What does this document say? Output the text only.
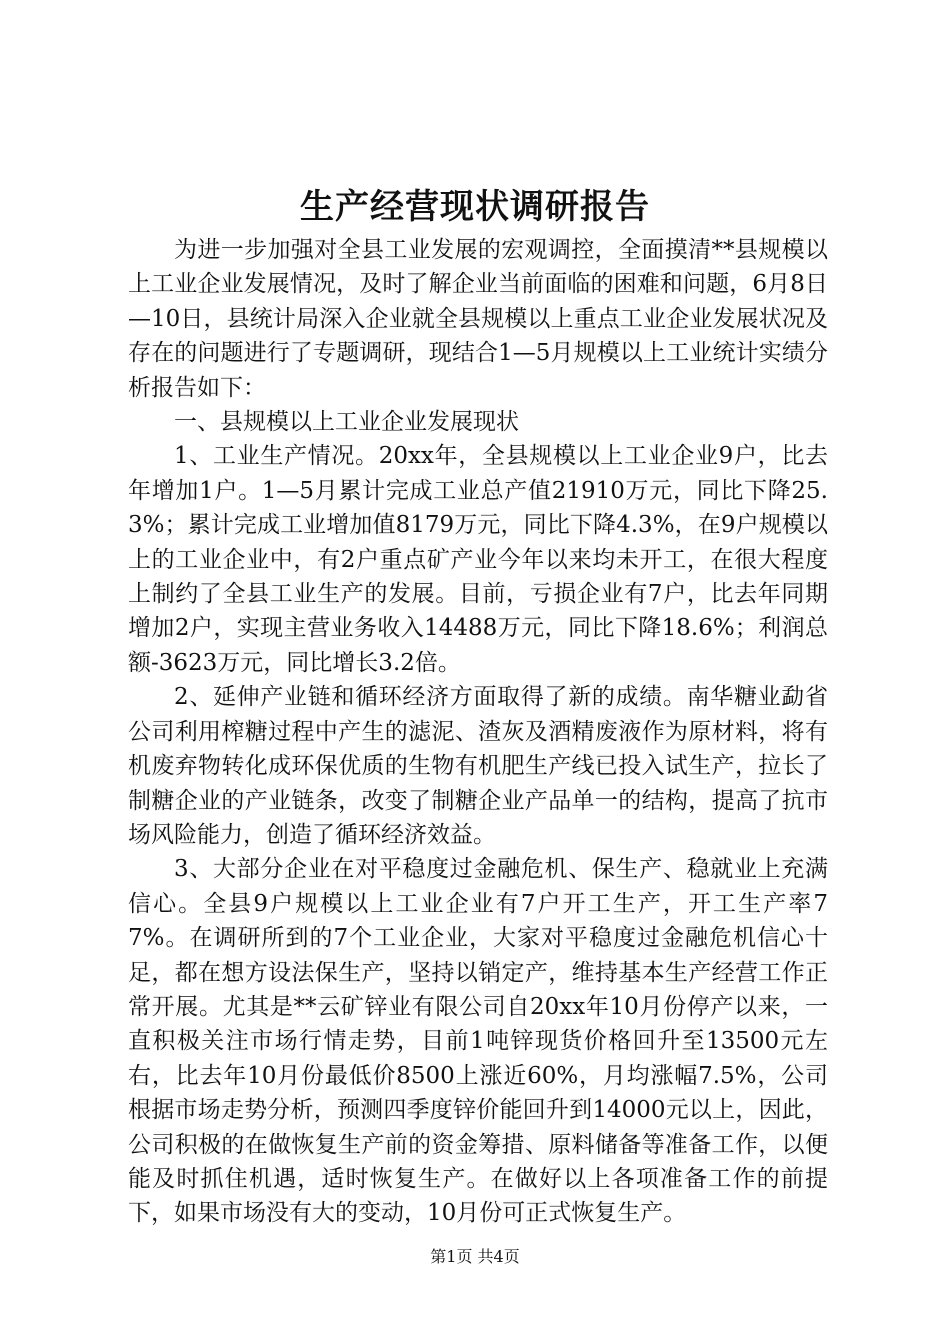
生产经营现状调研报告

为进一步加强对全县工业发展的宏观调控，全面摸清**县规模以上工业企业发展情况，及时了解企业当前面临的困难和问题，6月8日—10日，县统计局深入企业就全县规模以上重点工业企业发展状况及存在的问题进行了专题调研，现结合1—5月规模以上工业统计实绩分析报告如下：

一、县规模以上工业企业发展现状

1、工业生产情况。20xx年，全县规模以上工业企业9户，比去年增加1户。1—5月累计完成工业总产值21910万元，同比下降25.3%；累计完成工业增加值8179万元，同比下降4.3%，在9户规模以上的工业企业中，有2户重点矿产业今年以来均未开工，在很大程度上制约了全县工业生产的发展。目前，亏损企业有7户，比去年同期增加2户，实现主营业务收入14488万元，同比下降18.6%；利润总额-3623万元，同比增长3.2倍。

2、延伸产业链和循环经济方面取得了新的成绩。南华糖业勐省公司利用榨糖过程中产生的滤泥、渣灰及酒精废液作为原材料，将有机废弃物转化成环保优质的生物有机肥生产线已投入试生产，拉长了制糖企业的产业链条，改变了制糖企业产品单一的结构，提高了抗市场风险能力，创造了循环经济效益。

3、大部分企业在对平稳度过金融危机、保生产、稳就业上充满信心。全县9户规模以上工业企业有7户开工生产，开工生产率77%。在调研所到的7个工业企业，大家对平稳度过金融危机信心十足，都在想方设法保生产，坚持以销定产，维持基本生产经营工作正常开展。尤其是**云矿锌业有限公司自20xx年10月份停产以来，一直积极关注市场行情走势，目前1吨锌现货价格回升至13500元左右，比去年10月份最低价8500上涨近60%，月均涨幅7.5%，公司根据市场走势分析，预测四季度锌价能回升到14000元以上，因此，公司积极的在做恢复生产前的资金筹措、原料储备等准备工作，以便能及时抓住机遇，适时恢复生产。在做好以上各项准备工作的前提下，如果市场没有大的变动，10月份可正式恢复生产。

第1页 共4页
